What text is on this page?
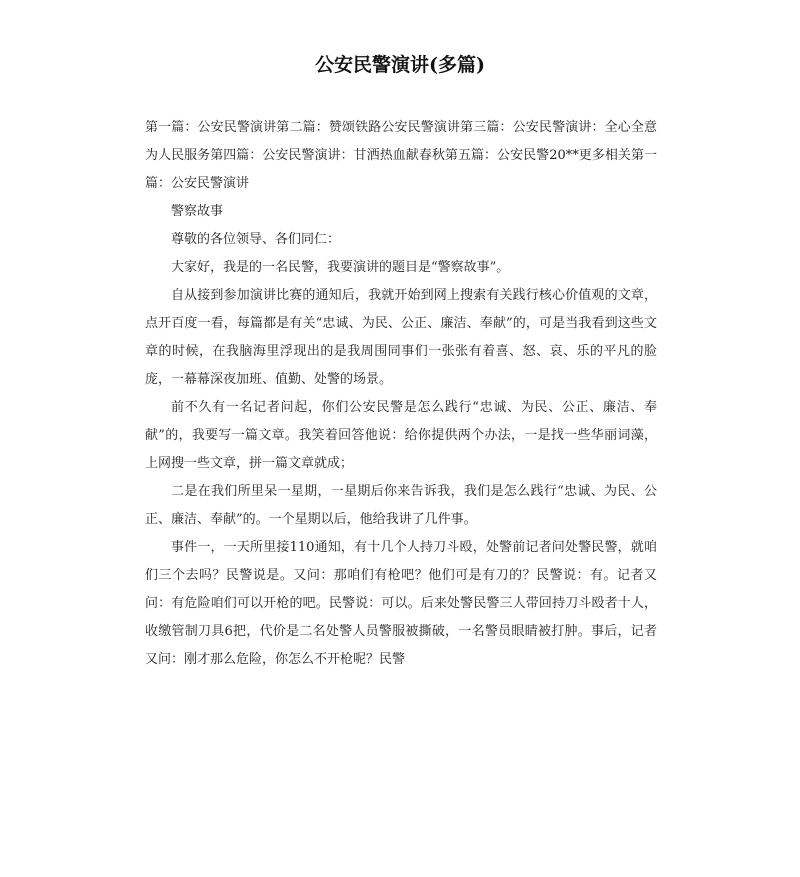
公安民警演讲(多篇)

第一篇：公安民警演讲第二篇：赞颂铁路公安民警演讲第三篇：公安民警演讲：全心全意为人民服务第四篇：公安民警演讲：甘洒热血献春秋第五篇：公安民警20**更多相关第一篇：公安民警演讲

警察故事

尊敬的各位领导、各们同仁：

大家好，我是的一名民警，我要演讲的题目是“警察故事”。

自从接到参加演讲比赛的通知后，我就开始到网上搜索有关践行核心价值观的文章，点开百度一看，每篇都是有关“忠诚、为民、公正、廉洁、奉献”的，可是当我看到这些文章的时候，在我脑海里浮现出的是我周围同事们一张张有着喜、怒、哀、乐的平凡的脸庞，一幕幕深夜加班、值勤、处警的场景。

前不久有一名记者问起，你们公安民警是怎么践行“忠诚、为民、公正、廉洁、奉献”的，我要写一篇文章。我笑着回答他说：给你提供两个办法，一是找一些华丽词藻，上网搜一些文章，拼一篇文章就成；

二是在我们所里呆一星期，一星期后你来告诉我，我们是怎么践行“忠诚、为民、公正、廉洁、奉献”的。一个星期以后，他给我讲了几件事。

事件一，一天所里接110通知，有十几个人持刀斗殴，处警前记者问处警民警，就咱们三个去吗？民警说是。又问：那咱们有枪吧？他们可是有刀的？民警说：有。记者又问：有危险咱们可以开枪的吧。民警说：可以。后来处警民警三人带回持刀斗殴者十人，收缴管制刀具6把，代价是二名处警人员警服被撕破，一名警员眼睛被打肿。事后，记者又问：刚才那么危险，你怎么不开枪呢？民警
